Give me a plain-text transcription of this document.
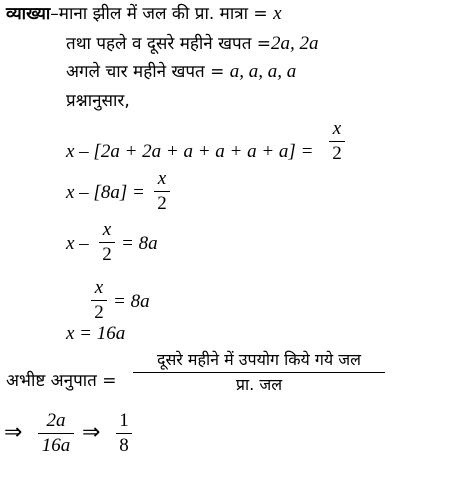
व्याख्या–माना झील में जल की प्रा. मात्रा = x
तथा पहले व दूसरे महीने खपत =2a, 2a
अगले चार महीने खपत = a, a, a, a
प्रश्नानुसार,
x – [2a + 2a + a + a + a + a] =
x
2
x – [8a] =
x
2
x –
x
2
= 8a
x
2
= 8a
x = 16a
अभीष्ट अनुपात =
दूसरे महीने में उपयोग किये गये जल
प्रा. जल
⇒	2a
16a
⇒ 1
8
